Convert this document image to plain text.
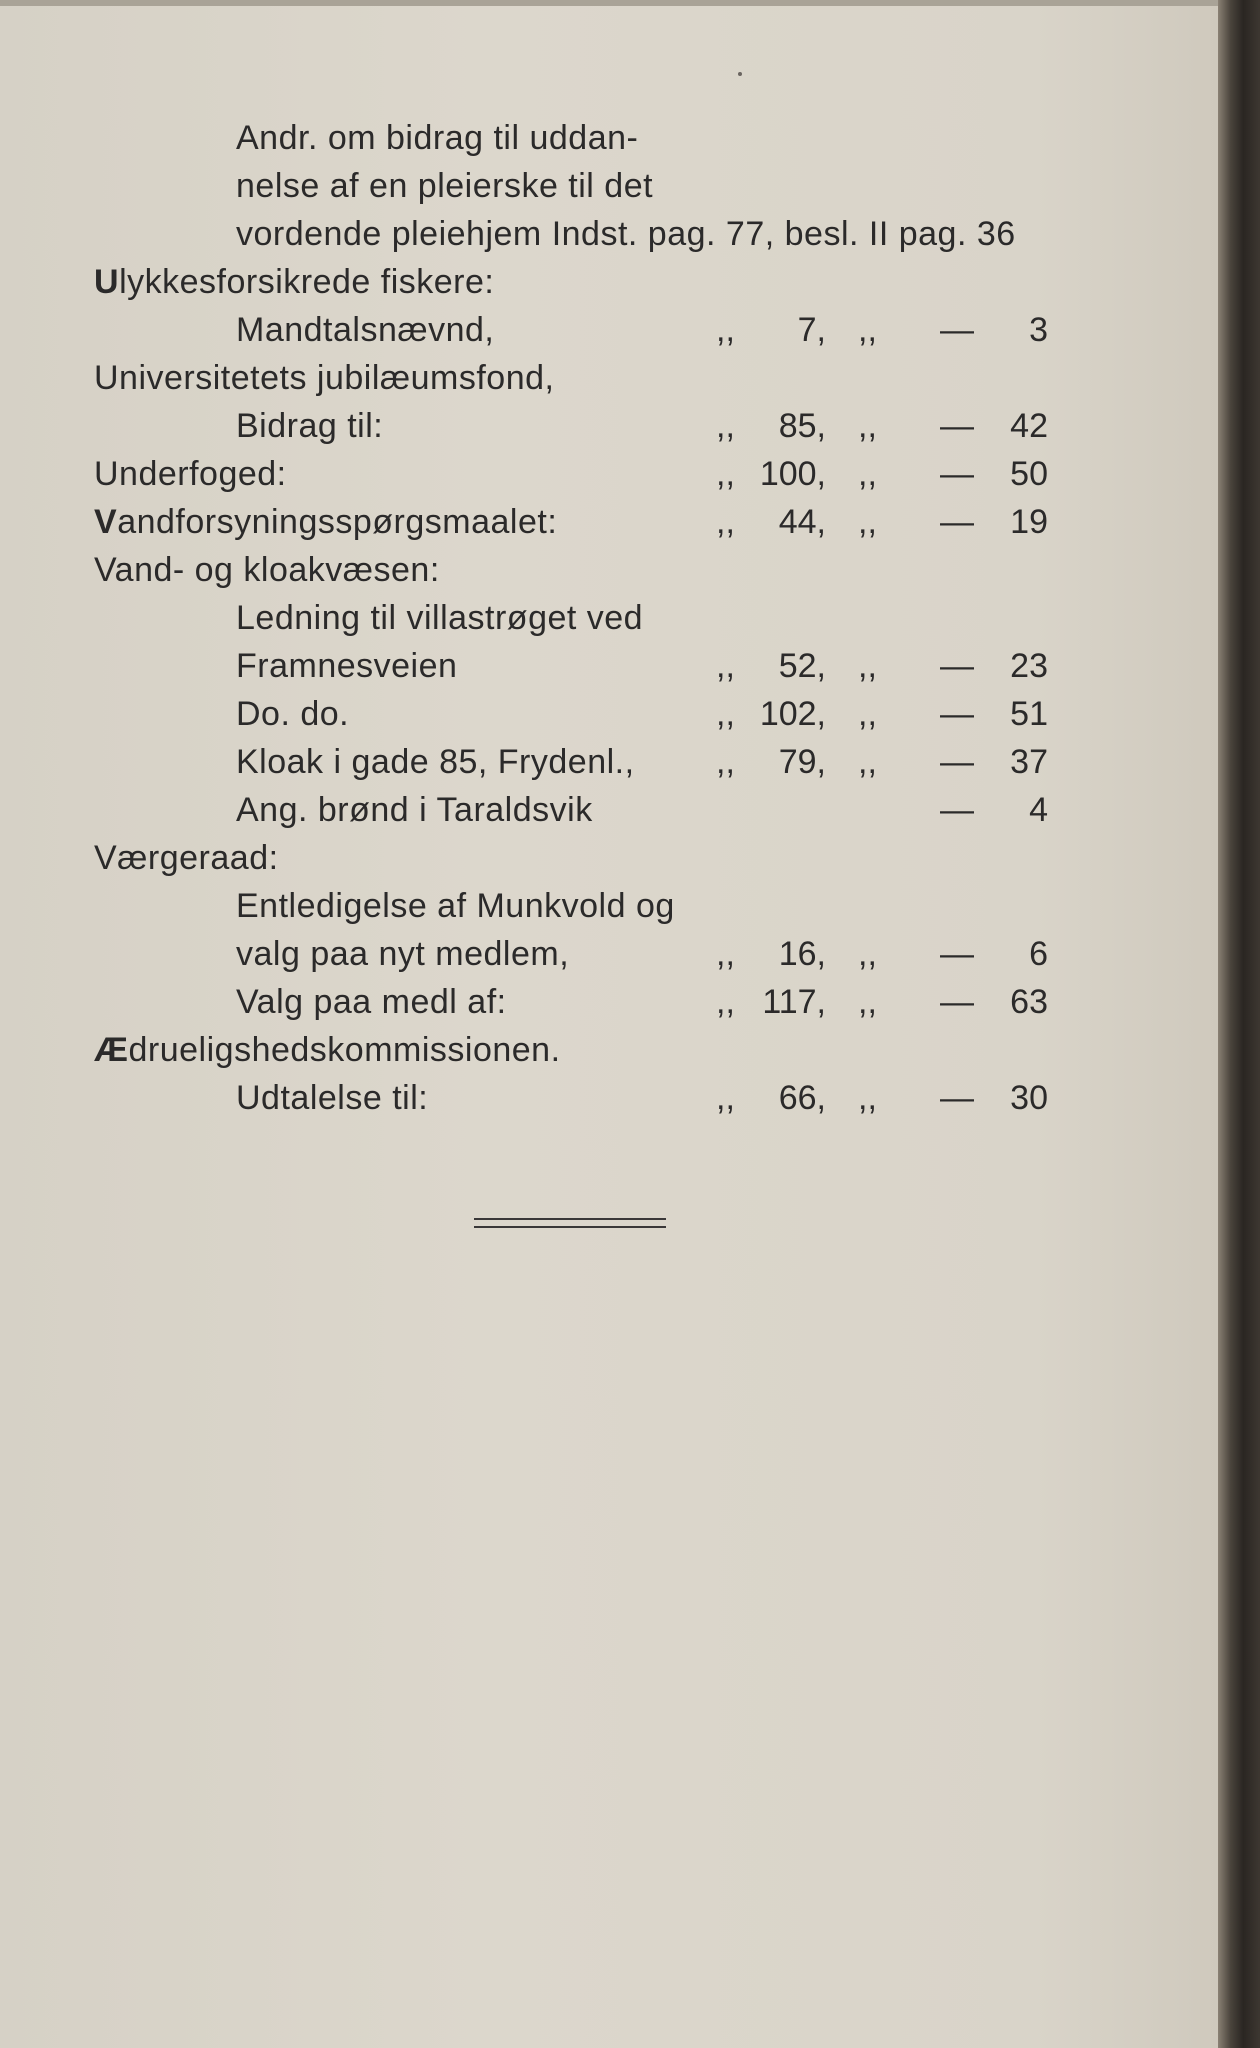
Andr. om bidrag til uddan-
nelse af en pleierske til det
vordende pleiehjem Indst. pag. 77, besl. II pag. 36
Ulykkesforsikrede fiskere:
Mandtalsnævnd,	,,	7, ,, —	3
Universitetets jubilæumsfond,
Bidrag til:	,,	85, ,, —	42
Underfoged:	,, 100, ,, —	50
Vandforsyningsspørgsmaalet:	,,	44, ,, —	19
Vand- og kloakvæsen:
Ledning til villastrøget ved
Framnesveien	,,	52, ,, —	23
Do. do.	,, 102, ,, —	51
Kloak i gade 85, Frydenl., ,,	79, ,, —	37
Ang. brønd i Taraldsvik	—	4
Værgeraad:
Entledigelse af Munkvold og
valg paa nyt medlem,	,,	16, ,, —	6
Valg paa medl af:	,, 117, ,, —	63
Ædrueligshedskommissionen.
Udtalelse til:	,,	66, ,, —	30
